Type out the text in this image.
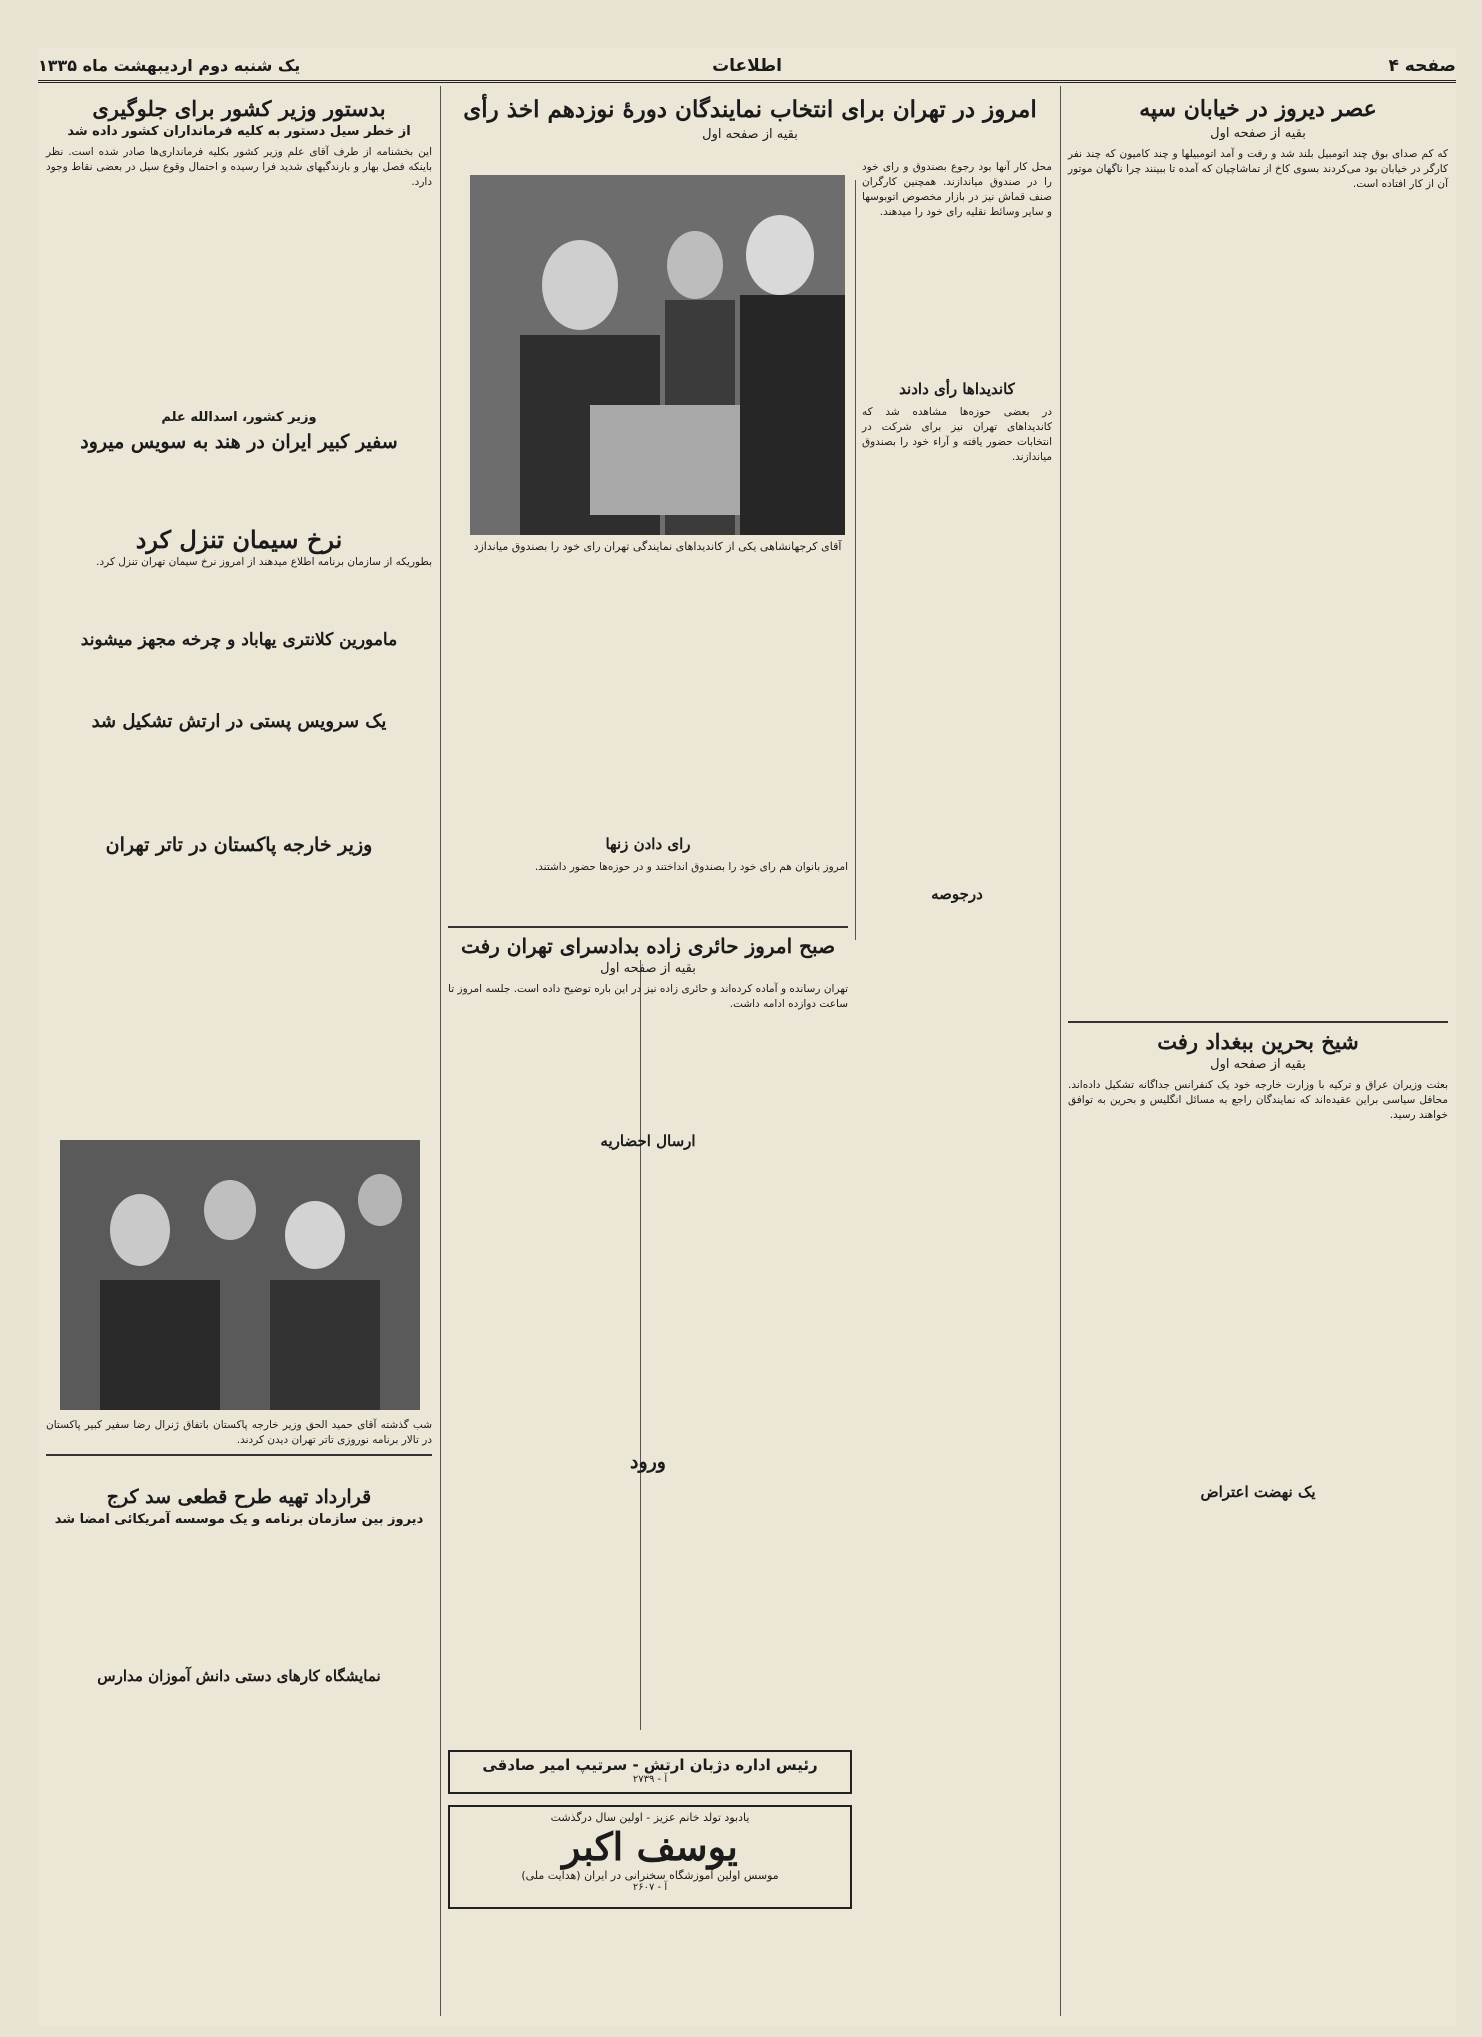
صفحه ۴
اطلاعات
یک شنبه دوم اردیبهشت ماه ۱۳۳۵
عصر دیروز در خیابان سپه

بقیه از صفحه اول

که کم صدای بوق چند اتومبیل بلند شد و رفت و آمد اتومبیلها و چند کامیون که چند نفر کارگر در خیابان بود می‌کردند بسوی کاخ از تماشاچیان که آمده تا ببینند چرا ناگهان موتور آن از کار افتاده است.

شیخ بحرین ببغداد رفت

بقیه از صفحه اول

بعثت وزیران عراق و ترکیه با وزارت خارجه خود یک کنفرانس جداگانه تشکیل داده‌اند. محافل سیاسی براین عقیده‌اند که نمایندگان راجع به مسائل انگلیس و بحرین به توافق خواهند رسید.

یک نهضت اعتراض
امروز در تهران برای انتخاب نمایندگان دورهٔ نوزدهم اخذ رأی

بقیه از صفحه اول

آقای کرجهانشاهی یکی از کاندیداهای نمایندگی تهران رای خود را بصندوق میاندازد

محل کار آنها بود رجوع بصندوق و رای خود را در صندوق میاندازند. همچنین کارگران صنف قماش نیز در بازار مخصوص اتوبوسها و سایر وسائط نقلیه رای خود را میدهند.

کاندیداها رأی دادند

در بعضی حوزه‌ها مشاهده شد که کاندیداهای تهران نیز برای شرکت در انتخابات حضور یافته و آراء خود را بصندوق میاندازند.

درجوصه
رای دادن زنها

امروز بانوان هم رای خود را بصندوق انداختند و در حوزه‌ها حضور داشتند.

صبح امروز حائری زاده بدادسرای تهران رفت

بقیه از صفحه اول

تهران رسانده و آماده کرده‌اند و حائری زاده نیز در این باره توضیح داده است. جلسه امروز تا ساعت دوازده ادامه داشت.

ارسال احضاریه
ورود
بدستور وزیر کشور برای جلوگیری

از خطر سیل دستور به کلیه فرمانداران کشور داده شد

این بخشنامه از طرف آقای علم وزیر کشور بکلیه فرمانداری‌ها صادر شده است. نظر باینکه فصل بهار و بارندگیهای شدید فرا رسیده و احتمال وقوع سیل در بعضی نقاط وجود دارد.

وزیر کشور، اسدالله علم

سفیر کبیر ایران در هند به سویس میرود
نرخ سیمان تنزل کرد

بطوریکه از سازمان برنامه اطلاع میدهند از امروز نرخ سیمان تهران تنزل کرد.

مامورین کلانتری یهاباد و چرخه مجهز میشوند
یک سرویس پستی در ارتش تشکیل شد
وزیر خارجه پاکستان در تاتر تهران

شب گذشته آقای حمید الحق وزیر خارجه پاکستان باتفاق ژنرال رضا سفیر کبیر پاکستان در تالار برنامه نوروزی تاتر تهران دیدن کردند.

قرارداد تهیه طرح قطعی سد کرج

دیروز بین سازمان برنامه و یک موسسه آمریکائی امضا شد

نمایشگاه کارهای دستی دانش آموزان مدارس
رئیس اداره دژبان ارتش - سرتیپ امیر صادقی
آ - ۲۷۳۹
یادبود تولد خانم عزیز - اولین سال درگذشت
یوسف اکبر
موسس اولین آموزشگاه سخنرانی در ایران (هدایت ملی)
آ - ۲۶۰۷
